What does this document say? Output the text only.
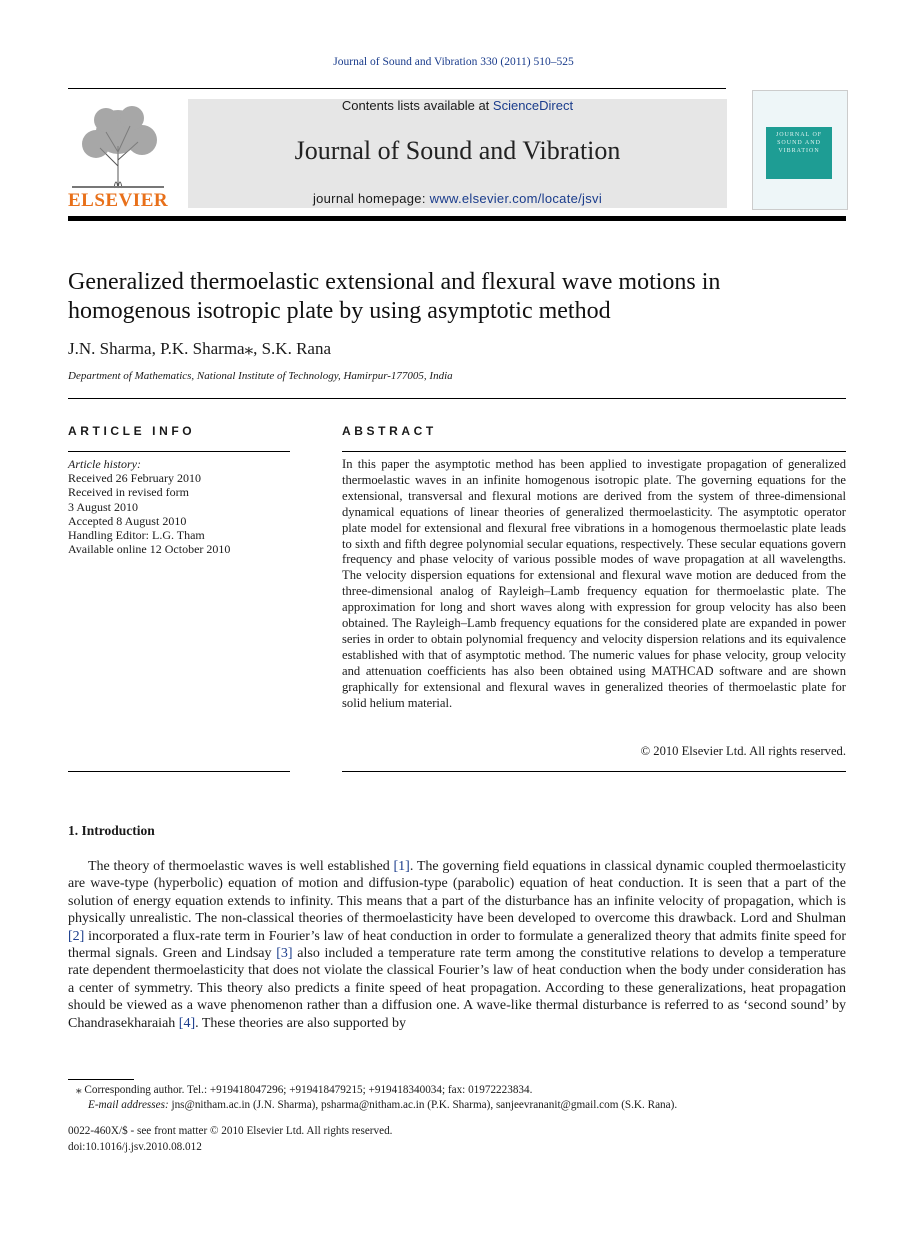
Journal of Sound and Vibration 330 (2011) 510–525
ELSEVIER
Contents lists available at ScienceDirect
Journal of Sound and Vibration
journal homepage: www.elsevier.com/locate/jsvi
JOURNAL OF SOUND AND VIBRATION
Generalized thermoelastic extensional and flexural wave motions in homogenous isotropic plate by using asymptotic method
J.N. Sharma, P.K. Sharma⁎, S.K. Rana
Department of Mathematics, National Institute of Technology, Hamirpur-177005, India
ARTICLE INFO
Article history:
Received 26 February 2010
Received in revised form
3 August 2010
Accepted 8 August 2010
Handling Editor: L.G. Tham
Available online 12 October 2010
ABSTRACT
In this paper the asymptotic method has been applied to investigate propagation of generalized thermoelastic waves in an infinite homogenous isotropic plate. The governing equations for the extensional, transversal and flexural motions are derived from the system of three-dimensional dynamical equations of linear theories of generalized thermoelasticity. The asymptotic operator plate model for extensional and flexural free vibrations in a homogenous thermoelastic plate leads to sixth and fifth degree polynomial secular equations, respectively. These secular equations govern frequency and phase velocity of various possible modes of wave propagation at all wavelengths. The velocity dispersion equations for extensional and flexural wave motion are deduced from the three-dimensional analog of Rayleigh–Lamb frequency equation for thermoelastic plate. The approximation for long and short waves along with expression for group velocity has also been obtained. The Rayleigh–Lamb frequency equations for the considered plate are expanded in power series in order to obtain polynomial frequency and velocity dispersion relations and its equivalence established with that of asymptotic method. The numeric values for phase velocity, group velocity and attenuation coefficients has also been obtained using MATHCAD software and are shown graphically for extensional and flexural waves in generalized theories of thermoelastic plate for solid helium material.
© 2010 Elsevier Ltd. All rights reserved.
1. Introduction
The theory of thermoelastic waves is well established [1]. The governing field equations in classical dynamic coupled thermoelasticity are wave-type (hyperbolic) equation of motion and diffusion-type (parabolic) equation of heat conduction. It is seen that a part of the solution of energy equation extends to infinity. This means that a part of the disturbance has an infinite velocity of propagation, which is physically unrealistic. The non-classical theories of thermoelasticity have been developed to overcome this drawback. Lord and Shulman [2] incorporated a flux-rate term in Fourier’s law of heat conduction in order to formulate a generalized theory that admits finite speed for thermal signals. Green and Lindsay [3] also included a temperature rate term among the constitutive relations to develop a temperature rate dependent thermoelasticity that does not violate the classical Fourier’s law of heat conduction when the body under consideration has a center of symmetry. This theory also predicts a finite speed of heat propagation. According to these generalizations, heat propagation should be viewed as a wave phenomenon rather than a diffusion one. A wave-like thermal disturbance is referred to as ‘second sound’ by Chandrasekharaiah [4]. These theories are also supported by
⁎ Corresponding author. Tel.: +919418047296; +919418479215; +919418340034; fax: 01972223834.
E-mail addresses: jns@nitham.ac.in (J.N. Sharma), psharma@nitham.ac.in (P.K. Sharma), sanjeevrananit@gmail.com (S.K. Rana).
0022-460X/$ - see front matter © 2010 Elsevier Ltd. All rights reserved.
doi:10.1016/j.jsv.2010.08.012
